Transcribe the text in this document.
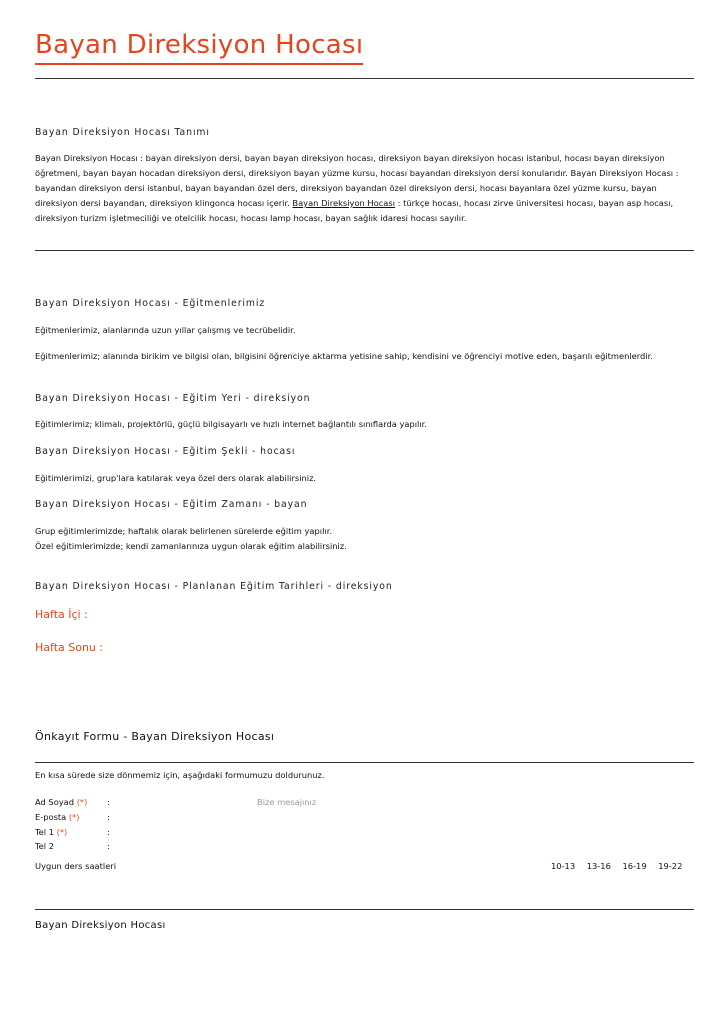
Bayan Direksiyon Hocası
Bayan Direksiyon Hocası Tanımı
Bayan Direksiyon Hocası : bayan direksiyon dersi, bayan bayan direksiyon hocası, direksiyon bayan direksiyon hocası istanbul, hocası bayan direksiyon öğretmeni, bayan bayan hocadan direksiyon dersi, direksiyon bayan yüzme kursu, hocası bayandan direksiyon dersi konularıdır. Bayan Direksiyon Hocası : bayandan direksiyon dersi istanbul, bayan bayandan özel ders, direksiyon bayandan özel direksiyon dersi, hocası bayanlara özel yüzme kursu, bayan direksiyon dersi bayandan, direksiyon klingonca hocası içerir. Bayan Direksiyon Hocası : türkçe hocası, hocası zirve üniversitesi hocası, bayan asp hocası, direksiyon turizm işletmeciliği ve otelcilik hocası, hocası lamp hocası, bayan sağlık idaresi hocası sayılır.
Bayan Direksiyon Hocası - Eğitmenlerimiz
Eğitmenlerimiz, alanlarında uzun yıllar çalışmış ve tecrübelidir.
Eğitmenlerimiz; alanında birikim ve bilgisi olan, bilgisini öğrenciye aktarma yetisine sahip, kendisini ve öğrenciyi motive eden, başarılı eğitmenlerdir.
Bayan Direksiyon Hocası - Eğitim Yeri - direksiyon
Eğitimlerimiz; klimalı, projektörlü, güçlü bilgisayarlı ve hızlı internet bağlantılı sınıflarda yapılır.
Bayan Direksiyon Hocası - Eğitim Şekli - hocası
Eğitimlerimizi, grup'lara katılarak veya özel ders olarak alabilirsiniz.
Bayan Direksiyon Hocası - Eğitim Zamanı - bayan
Grup eğitimlerimizde; haftalık olarak belirlenen sürelerde eğitim yapılır.
Özel eğitimlerimizde; kendi zamanlarınıza uygun olarak eğitim alabilirsiniz.
Bayan Direksiyon Hocası - Planlanan Eğitim Tarihleri - direksiyon
Hafta İçi :
Hafta Sonu :
Önkayıt Formu - Bayan Direksiyon Hocası
En kısa sürede size dönmemiz için, aşağıdaki formumuzu doldurunuz.
Ad Soyad (*) :
E-posta (*)	:
Tel 1 (*)	:
Tel 2	:
Bize mesajınız
Uygun ders saatleri	10-13 13-16 16-19 19-22
Bayan Direksiyon Hocası
